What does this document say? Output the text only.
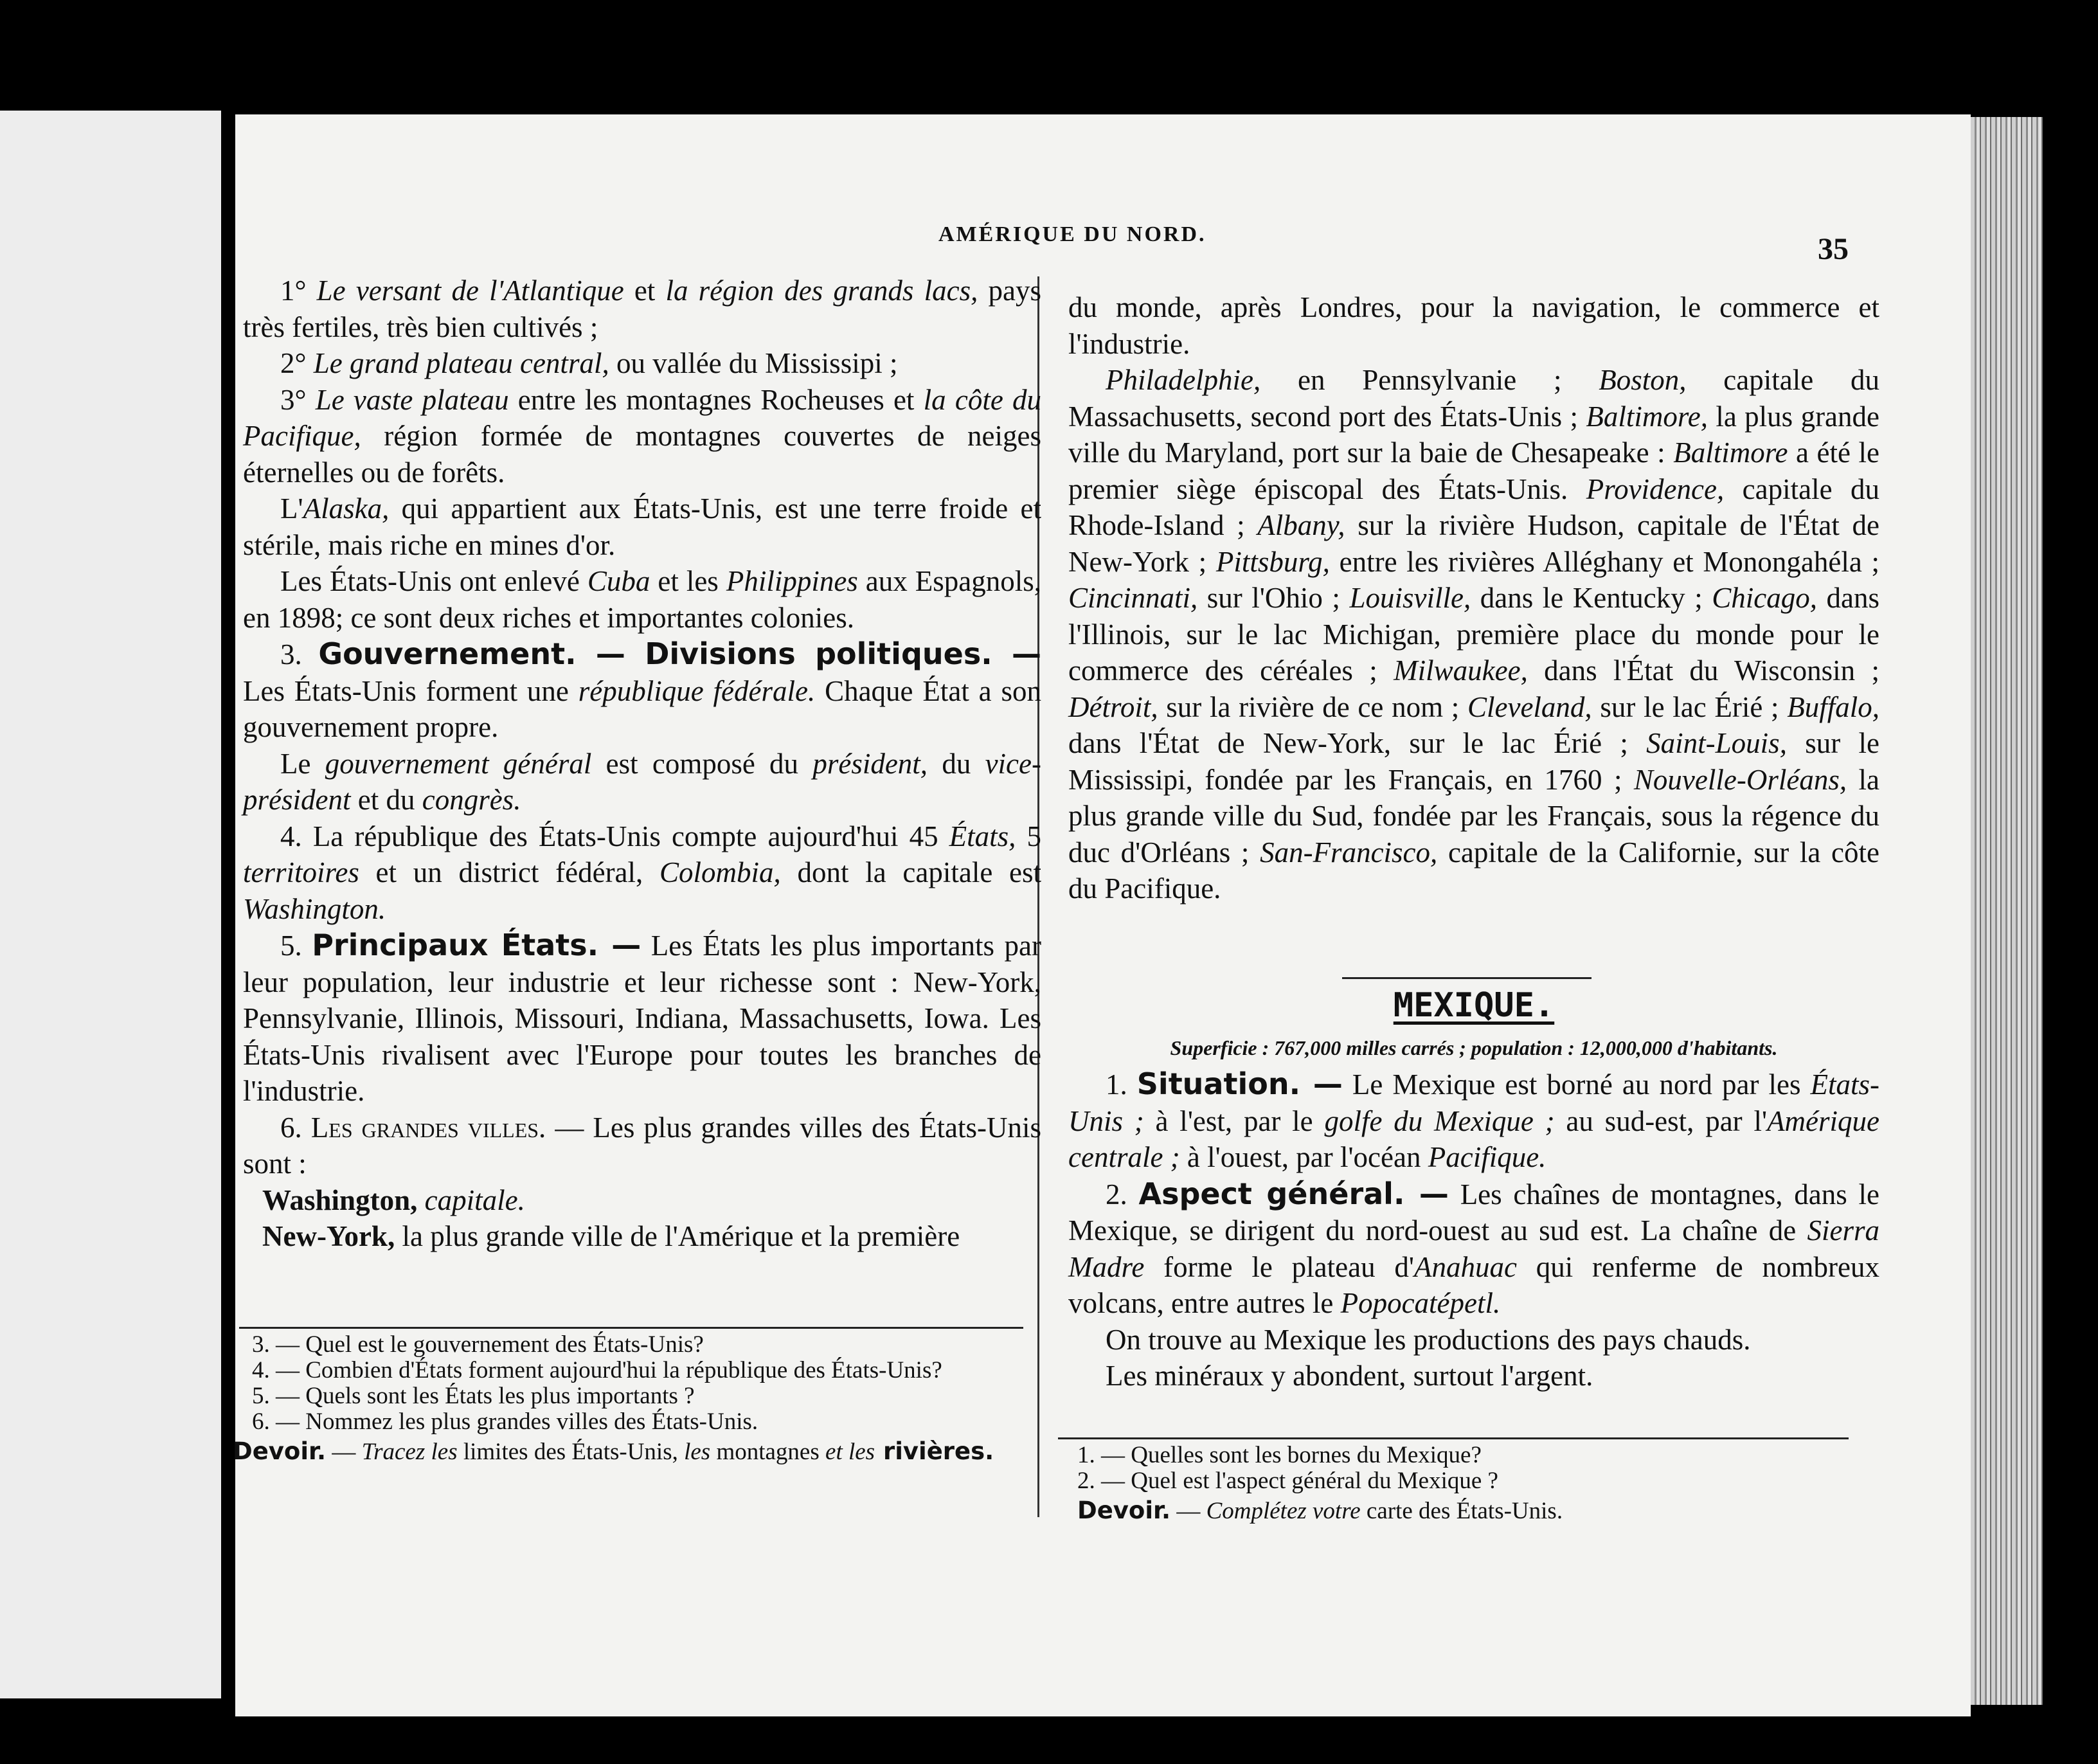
AMÉRIQUE DU NORD.	35

1° Le versant de l'Atlantique et la région des grands lacs, pays très fertiles, très bien cultivés ;

2° Le grand plateau central, ou vallée du Mississipi ;

3° Le vaste plateau entre les montagnes Rocheuses et la côte du Pacifique, région formée de montagnes couvertes de neiges éternelles ou de forêts.

L'Alaska, qui appartient aux États-Unis, est une terre froide et stérile, mais riche en mines d'or.

Les États-Unis ont enlevé Cuba et les Philippines aux Espagnols, en 1898; ce sont deux riches et importantes colonies.

3. Gouvernement. — Divisions politiques. — Les États-Unis forment une république fédérale. Chaque État a son gouvernement propre.

Le gouvernement général est composé du président, du vice-président et du congrès.

4. La république des États-Unis compte aujourd'hui 45 États, 5 territoires et un district fédéral, Colombia, dont la capitale est Washington.

5. Principaux États. — Les États les plus importants par leur population, leur industrie et leur richesse sont : New-York, Pennsylvanie, Illinois, Missouri, Indiana, Massachusetts, Iowa. Les États-Unis rivalisent avec l'Europe pour toutes les branches de l'industrie.

6. Les grandes villes. — Les plus grandes villes des États-Unis sont :

Washington, capitale.

New-York, la plus grande ville de l'Amérique et la première

3. — Quel est le gouvernement des États-Unis?

4. — Combien d'États forment aujourd'hui la république des États-Unis?

5. — Quels sont les États les plus importants ?

6. — Nommez les plus grandes villes des États-Unis.

Devoir. — Tracez les limites des États-Unis, les montagnes et les rivières.

du monde, après Londres, pour la navigation, le commerce et l'industrie.

Philadelphie, en Pennsylvanie ; Boston, capitale du Massachusetts, second port des États-Unis ; Baltimore, la plus grande ville du Maryland, port sur la baie de Chesapeake : Baltimore a été le premier siège épiscopal des États-Unis. Providence, capitale du Rhode-Island ; Albany, sur la rivière Hudson, capitale de l'État de New-York ; Pittsburg, entre les rivières Alléghany et Monongahéla ; Cincinnati, sur l'Ohio ; Louisville, dans le Kentucky ; Chicago, dans l'Illinois, sur le lac Michigan, première place du monde pour le commerce des céréales ; Milwaukee, dans l'État du Wisconsin ; Détroit, sur la rivière de ce nom ; Cleveland, sur le lac Érié ; Buffalo, dans l'État de New-York, sur le lac Érié ; Saint-Louis, sur le Mississipi, fondée par les Français, en 1760 ; Nouvelle-Orléans, la plus grande ville du Sud, fondée par les Français, sous la régence du duc d'Orléans ; San-Francisco, capitale de la Californie, sur la côte du Pacifique.

MEXIQUE.
Superficie : 767,000 milles carrés ; population : 12,000,000 d'habitants.

1. Situation. — Le Mexique est borné au nord par les États-Unis ; à l'est, par le golfe du Mexique ; au sud-est, par l'Amérique centrale ; à l'ouest, par l'océan Pacifique.

2. Aspect général. — Les chaînes de montagnes, dans le Mexique, se dirigent du nord-ouest au sud est. La chaîne de Sierra Madre forme le plateau d'Anahuac qui renferme de nombreux volcans, entre autres le Popocatépetl.

On trouve au Mexique les productions des pays chauds.

Les minéraux y abondent, surtout l'argent.

1. — Quelles sont les bornes du Mexique?

2. — Quel est l'aspect général du Mexique ?

Devoir. — Complétez votre carte des États-Unis.
